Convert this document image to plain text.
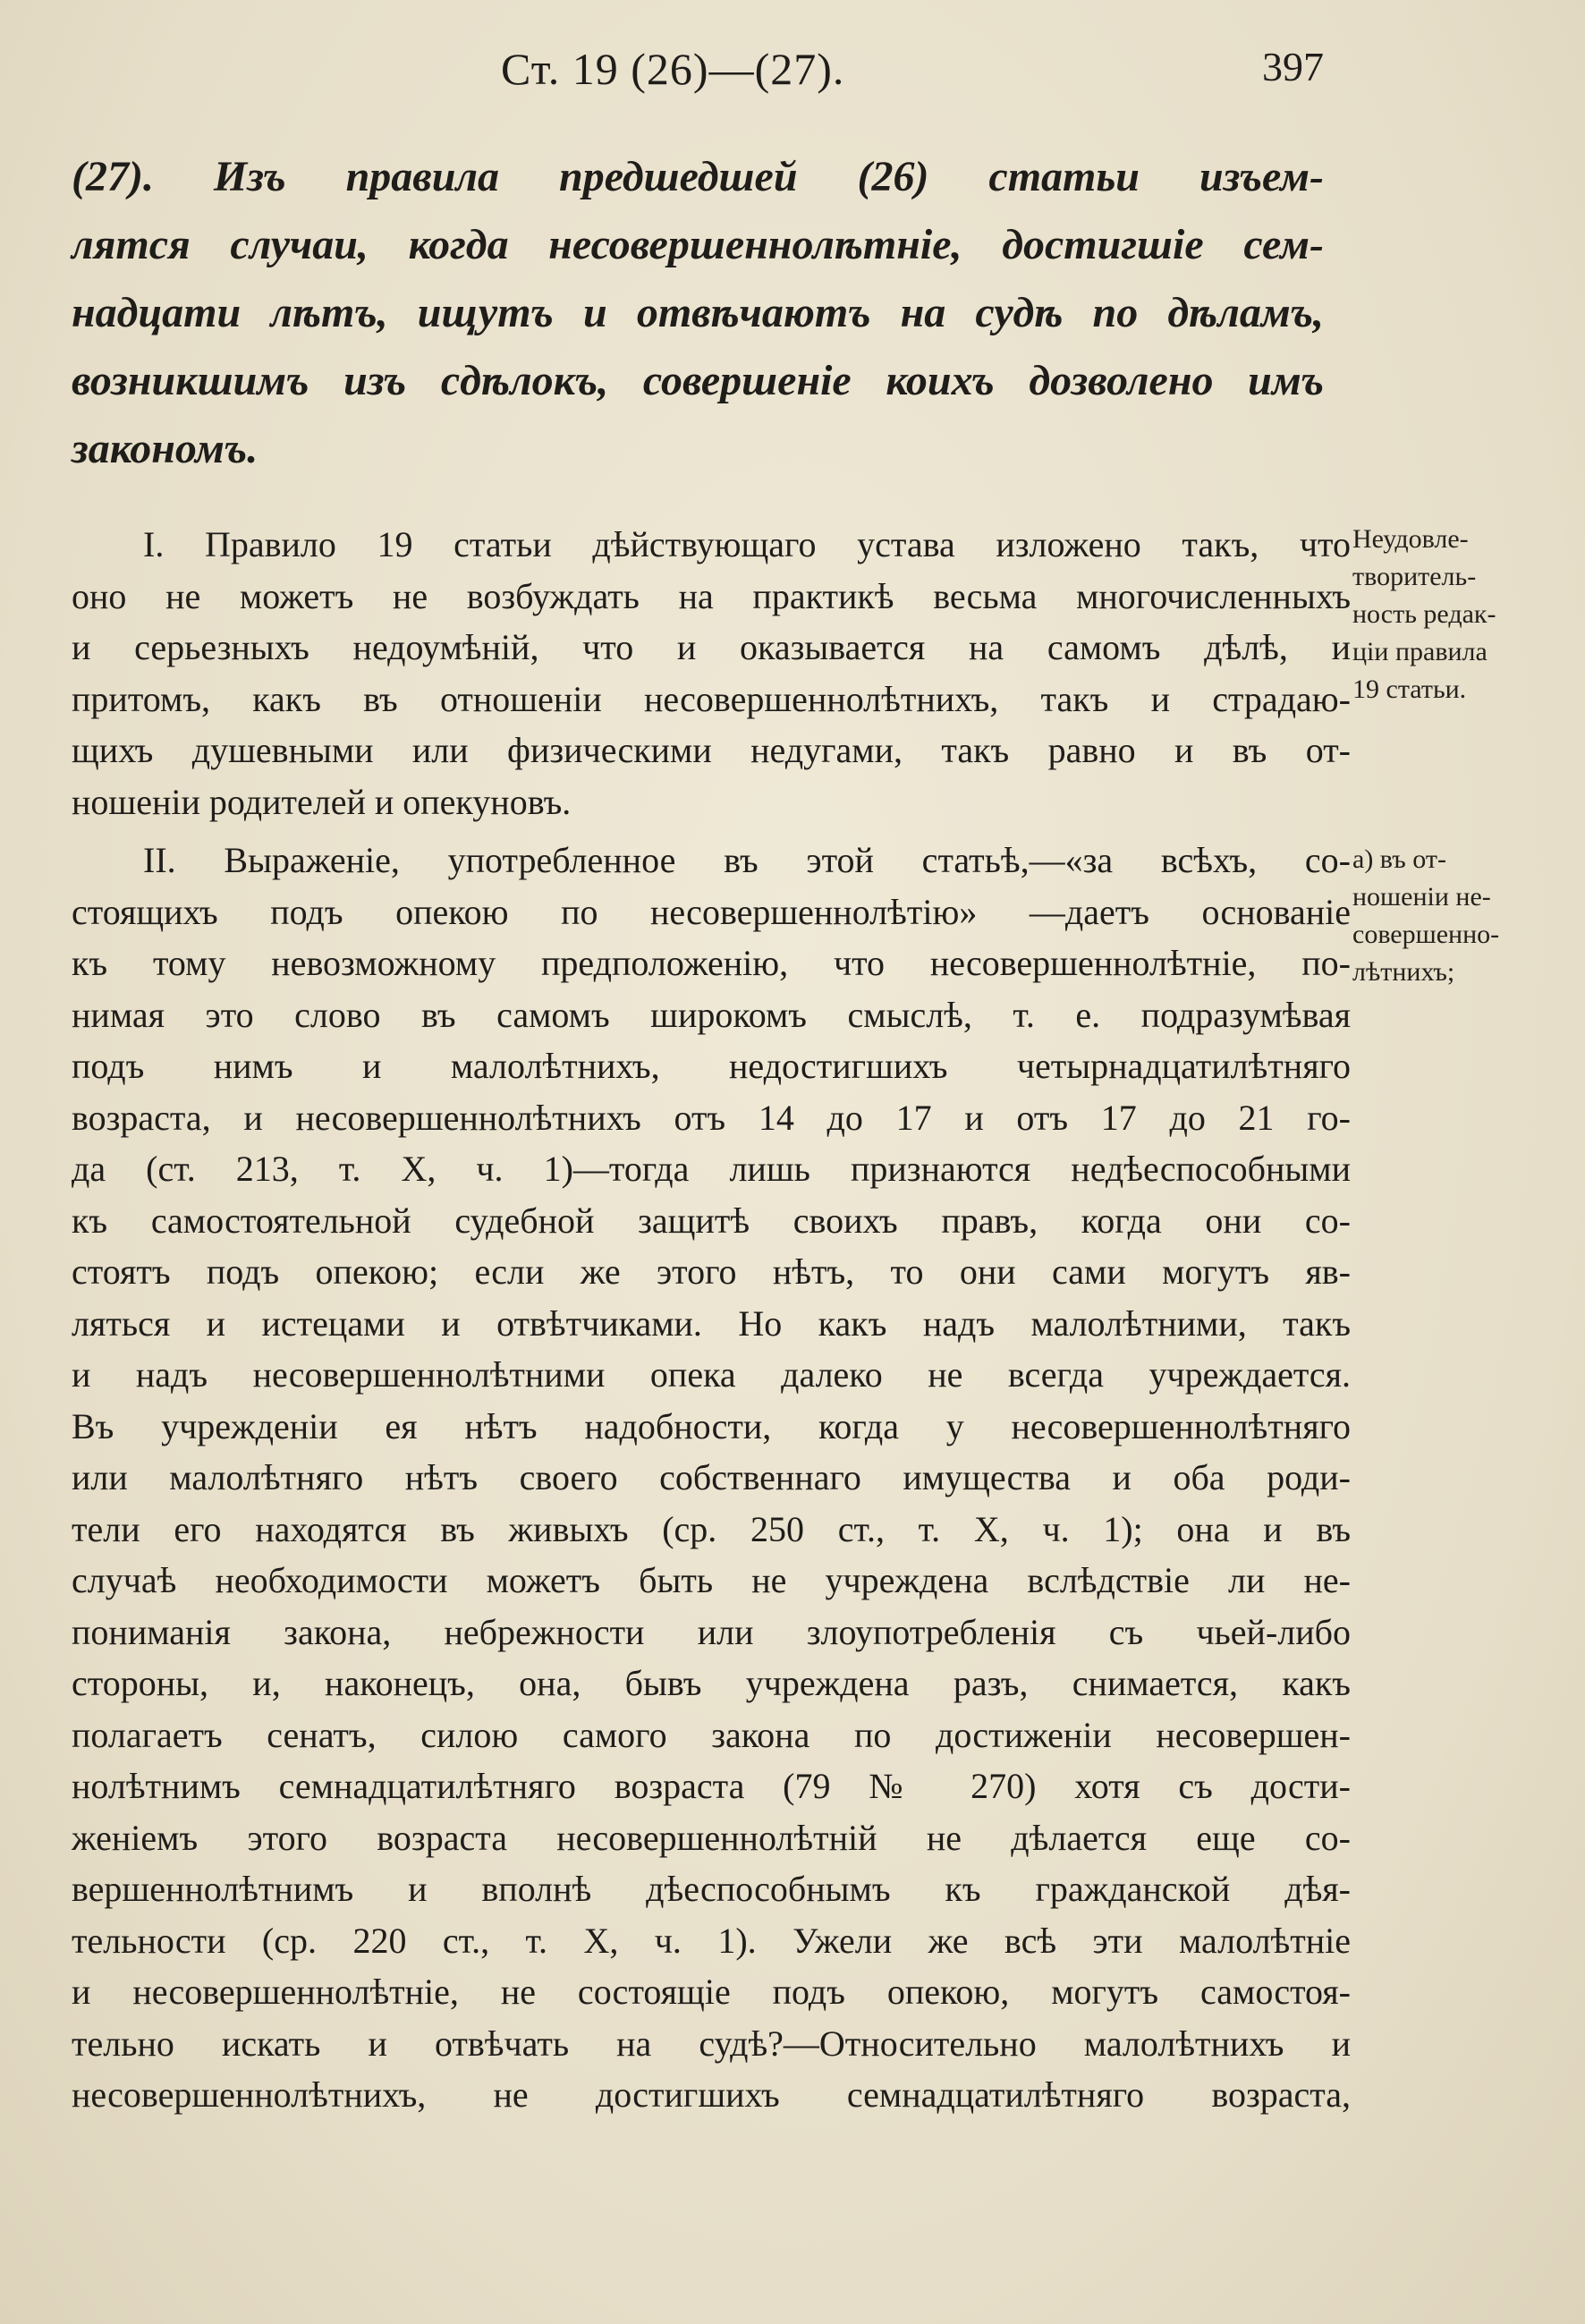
Ст. 19 (26)—(27).	397
(27). Изъ правила предшедшей (26) статьи изъем-
лятся случаи, когда несовершеннолѣтніе, достигшіе сем-
надцати лѣтъ, ищутъ и отвѣчаютъ на судѣ по дѣламъ,
возникшимъ изъ сдѣлокъ, совершеніе коихъ дозволено имъ
закономъ.
Неудовле-
творитель-
ность редак-
ціи правила
19 статьи.
а) въ от-
ношеніи не-
совершенно-
лѣтнихъ;
I. Правило 19 статьи дѣйствующаго устава изложено такъ, что
оно не можетъ не возбуждать на практикѣ весьма многочисленныхъ
и серьезныхъ недоумѣній, что и оказывается на самомъ дѣлѣ, и
притомъ, какъ въ отношеніи несовершеннолѣтнихъ, такъ и страдаю-
щихъ душевными или физическими недугами, такъ равно и въ от-
ношеніи родителей и опекуновъ.
II. Выраженіе, употребленное въ этой статьѣ,—«за всѣхъ, со-
стоящихъ подъ опекою по несовершеннолѣтію» —даетъ основаніе
къ тому невозможному предположенію, что несовершеннолѣтніе, по-
нимая это слово въ самомъ широкомъ смыслѣ, т. е. подразумѣвая
подъ нимъ и малолѣтнихъ, недостигшихъ четырнадцатилѣтняго
возраста, и несовершеннолѣтнихъ отъ 14 до 17 и отъ 17 до 21 го-
да (ст. 213, т. X, ч. 1)—тогда лишь признаются недѣеспособными
къ самостоятельной судебной защитѣ своихъ правъ, когда они со-
стоятъ подъ опекою; если же этого нѣтъ, то они сами могутъ яв-
ляться и истецами и отвѣтчиками. Но какъ надъ малолѣтними, такъ
и надъ несовершеннолѣтними опека далеко не всегда учреждается.
Въ учрежденіи ея нѣтъ надобности, когда у несовершеннолѣтняго
или малолѣтняго нѣтъ своего собственнаго имущества и оба роди-
тели его находятся въ живыхъ (ср. 250 ст., т. X, ч. 1); она и въ
случаѣ необходимости можетъ быть не учреждена вслѣдствіе ли не-
пониманія закона, небрежности или злоупотребленія съ чьей-либо
стороны, и, наконецъ, она, бывъ учреждена разъ, снимается, какъ
полагаетъ сенатъ, силою самого закона по достиженіи несовершен-
нолѣтнимъ семнадцатилѣтняго возраста (79 № 270) хотя съ дости-
женіемъ этого возраста несовершеннолѣтній не дѣлается еще со-
вершеннолѣтнимъ и вполнѣ дѣеспособнымъ къ гражданской дѣя-
тельности (ср. 220 ст., т. X, ч. 1). Ужели же всѣ эти малолѣтніе
и несовершеннолѣтніе, не состоящіе подъ опекою, могутъ самостоя-
тельно искать и отвѣчать на судѣ?—Относительно малолѣтнихъ и
несовершеннолѣтнихъ, не достигшихъ семнадцатилѣтняго возраста,
